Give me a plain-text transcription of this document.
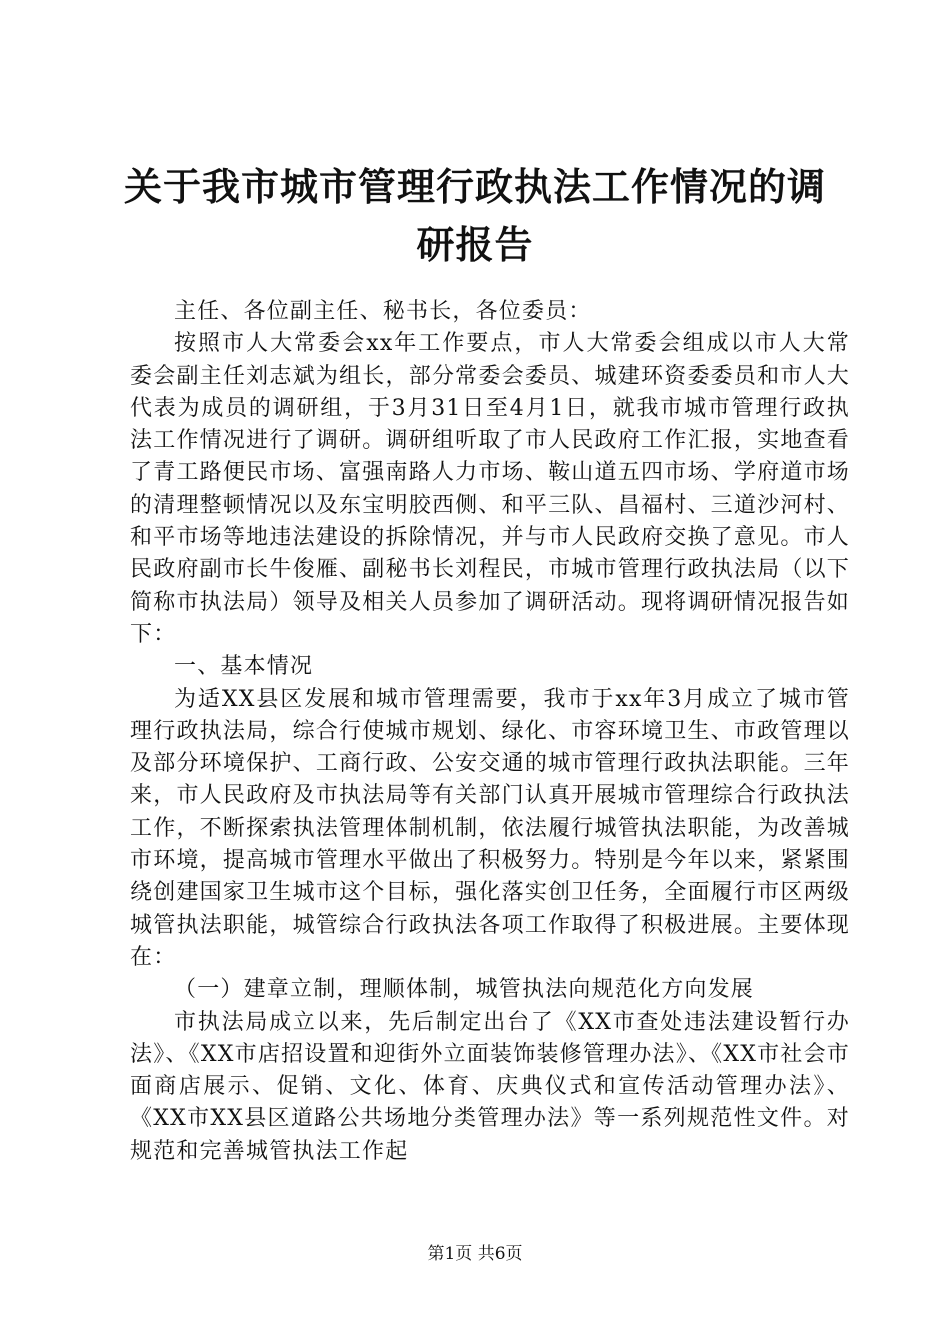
关于我市城市管理行政执法工作情况的调研报告

主任、各位副主任、秘书长，各位委员：

按照市人大常委会xx年工作要点，市人大常委会组成以市人大常委会副主任刘志斌为组长，部分常委会委员、城建环资委委员和市人大代表为成员的调研组，于3月31日至4月1日，就我市城市管理行政执法工作情况进行了调研。调研组听取了市人民政府工作汇报，实地查看了青工路便民市场、富强南路人力市场、鞍山道五四市场、学府道市场的清理整顿情况以及东宝明胶西侧、和平三队、昌福村、三道沙河村、和平市场等地违法建设的拆除情况，并与市人民政府交换了意见。市人民政府副市长牛俊雁、副秘书长刘程民，市城市管理行政执法局（以下简称市执法局）领导及相关人员参加了调研活动。现将调研情况报告如下：

一、基本情况

为适XX县区发展和城市管理需要，我市于xx年3月成立了城市管理行政执法局，综合行使城市规划、绿化、市容环境卫生、市政管理以及部分环境保护、工商行政、公安交通的城市管理行政执法职能。三年来，市人民政府及市执法局等有关部门认真开展城市管理综合行政执法工作，不断探索执法管理体制机制，依法履行城管执法职能，为改善城市环境，提高城市管理水平做出了积极努力。特别是今年以来，紧紧围绕创建国家卫生城市这个目标，强化落实创卫任务，全面履行市区两级城管执法职能，城管综合行政执法各项工作取得了积极进展。主要体现在：

（一）建章立制，理顺体制，城管执法向规范化方向发展

市执法局成立以来，先后制定出台了《XX市查处违法建设暂行办法》、《XX市店招设置和迎街外立面装饰装修管理办法》、《XX市社会市面商店展示、促销、文化、体育、庆典仪式和宣传活动管理办法》、《XX市XX县区道路公共场地分类管理办法》等一系列规范性文件。对规范和完善城管执法工作起

第1页 共6页
